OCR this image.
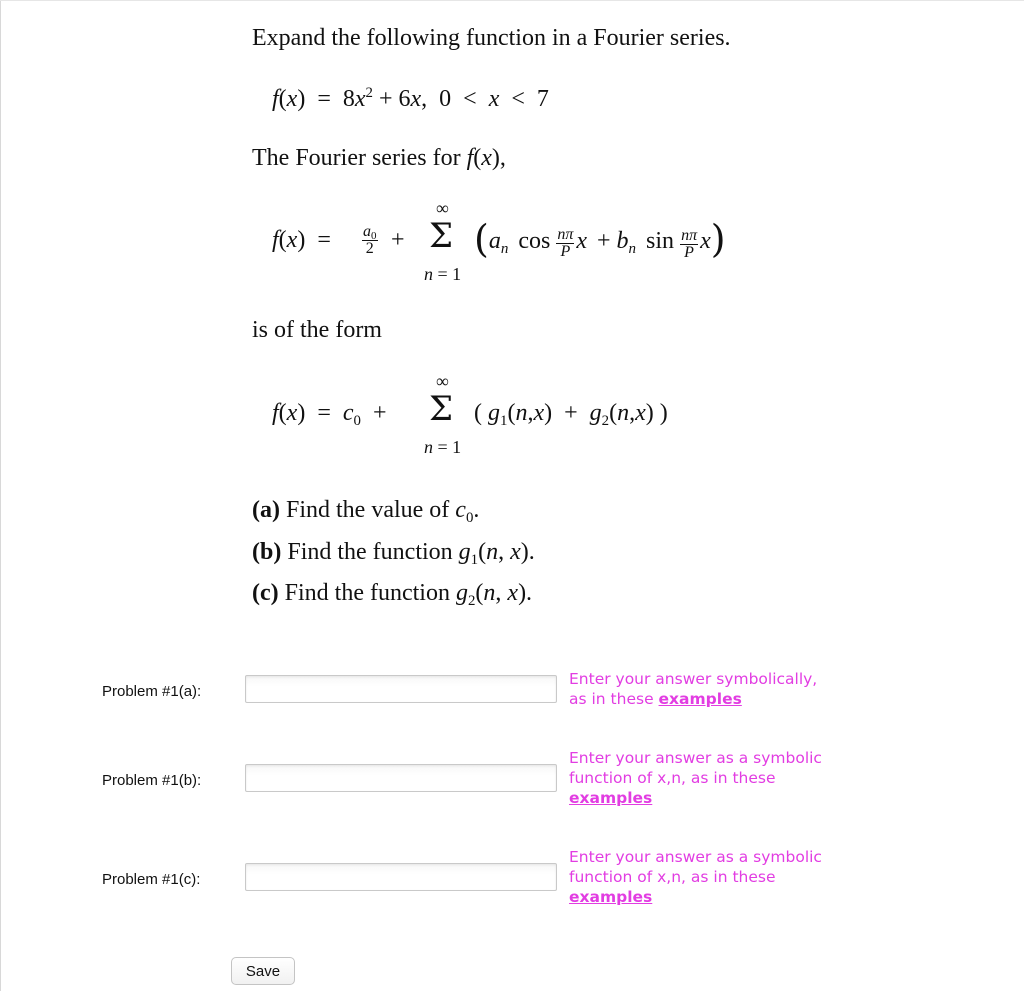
Expand the following function in a Fourier series.
$f(x) = 8x^2 + 6x$,  0  <  x  <  7
The Fourier series for f(x),
$f(x) = \frac{a0}{2}$ +
∞
Σ
n = 1
(an  $\cos \frac{n\pi}{P}$ x  + bn  $\sin \frac{n\pi}{P} x$)
is of the form
f(x)  =  c0  +
∞
Σ
n = 1
( g1(n,x)  +  g2(n,x) )
(a) Find the value of c0.
(b) Find the function g1(n, x).
(c) Find the function g2(n, x).
Problem #1(a):
Enter your answer symbolically,
as in these examples
Problem #1(b):
Enter your answer as a symbolic
function of x,n, as in these
examples
Problem #1(c):
Enter your answer as a symbolic
function of x,n, as in these
examples
Save
